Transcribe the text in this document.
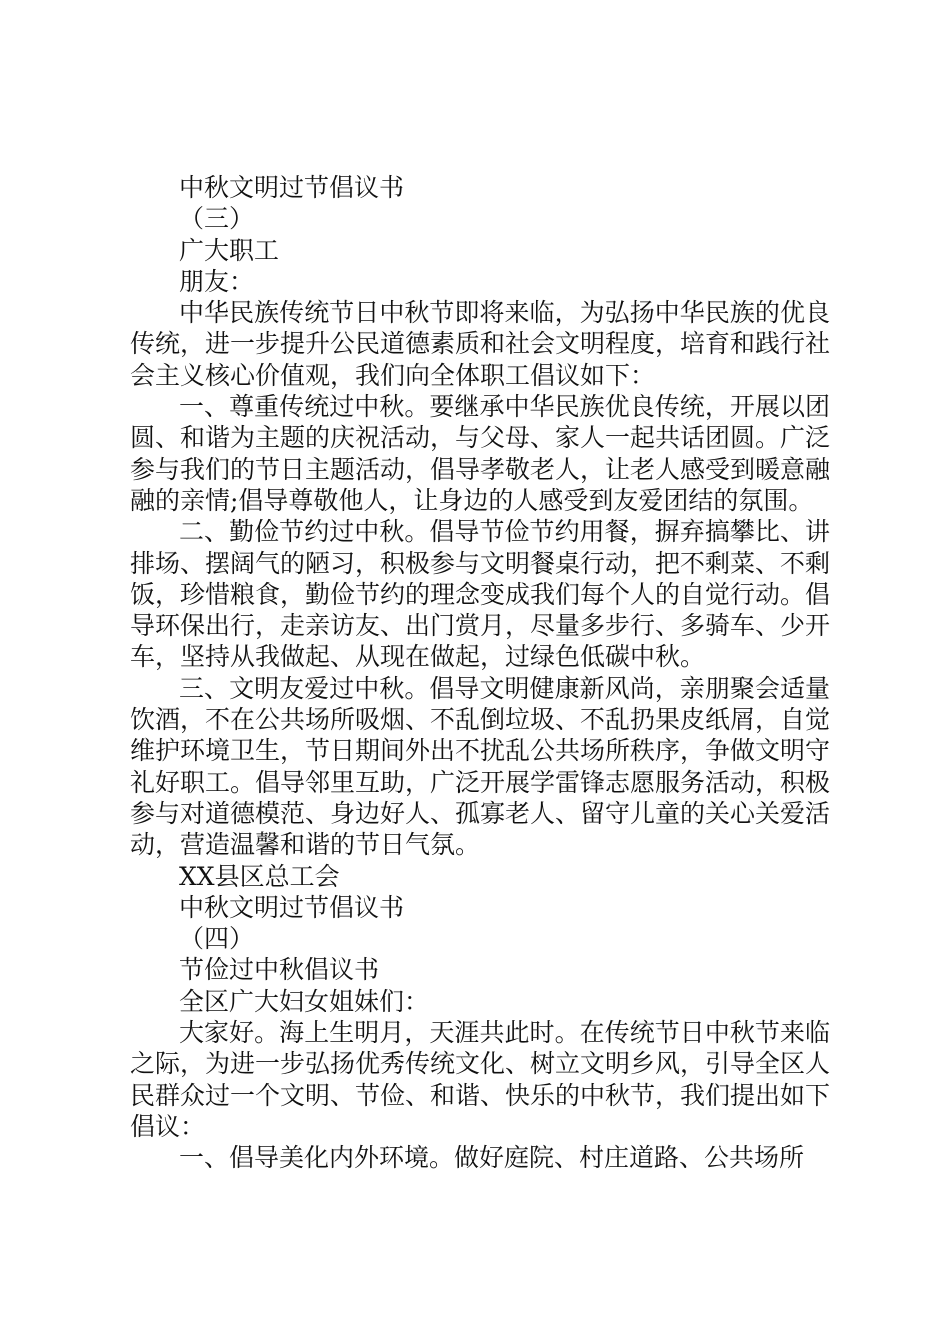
中秋文明过节倡议书

（三）

广大职工

朋友：

中华民族传统节日中秋节即将来临，为弘扬中华民族的优良传统，进一步提升公民道德素质和社会文明程度，培育和践行社会主义核心价值观，我们向全体职工倡议如下：

一、尊重传统过中秋。要继承中华民族优良传统，开展以团圆、和谐为主题的庆祝活动，与父母、家人一起共话团圆。广泛参与我们的节日主题活动，倡导孝敬老人，让老人感受到暖意融融的亲情;倡导尊敬他人，让身边的人感受到友爱团结的氛围。

二、勤俭节约过中秋。倡导节俭节约用餐，摒弃搞攀比、讲排场、摆阔气的陋习，积极参与文明餐桌行动，把不剩菜、不剩饭，珍惜粮食，勤俭节约的理念变成我们每个人的自觉行动。倡导环保出行，走亲访友、出门赏月，尽量多步行、多骑车、少开车，坚持从我做起、从现在做起，过绿色低碳中秋。

三、文明友爱过中秋。倡导文明健康新风尚，亲朋聚会适量饮酒，不在公共场所吸烟、不乱倒垃圾、不乱扔果皮纸屑，自觉维护环境卫生，节日期间外出不扰乱公共场所秩序，争做文明守礼好职工。倡导邻里互助，广泛开展学雷锋志愿服务活动，积极参与对道德模范、身边好人、孤寡老人、留守儿童的关心关爱活动，营造温馨和谐的节日气氛。

XX县区总工会

中秋文明过节倡议书

（四）

节俭过中秋倡议书

全区广大妇女姐妹们：

大家好。海上生明月，天涯共此时。在传统节日中秋节来临之际，为进一步弘扬优秀传统文化、树立文明乡风，引导全区人民群众过一个文明、节俭、和谐、快乐的中秋节，我们提出如下倡议：

一、倡导美化内外环境。做好庭院、村庄道路、公共场所
